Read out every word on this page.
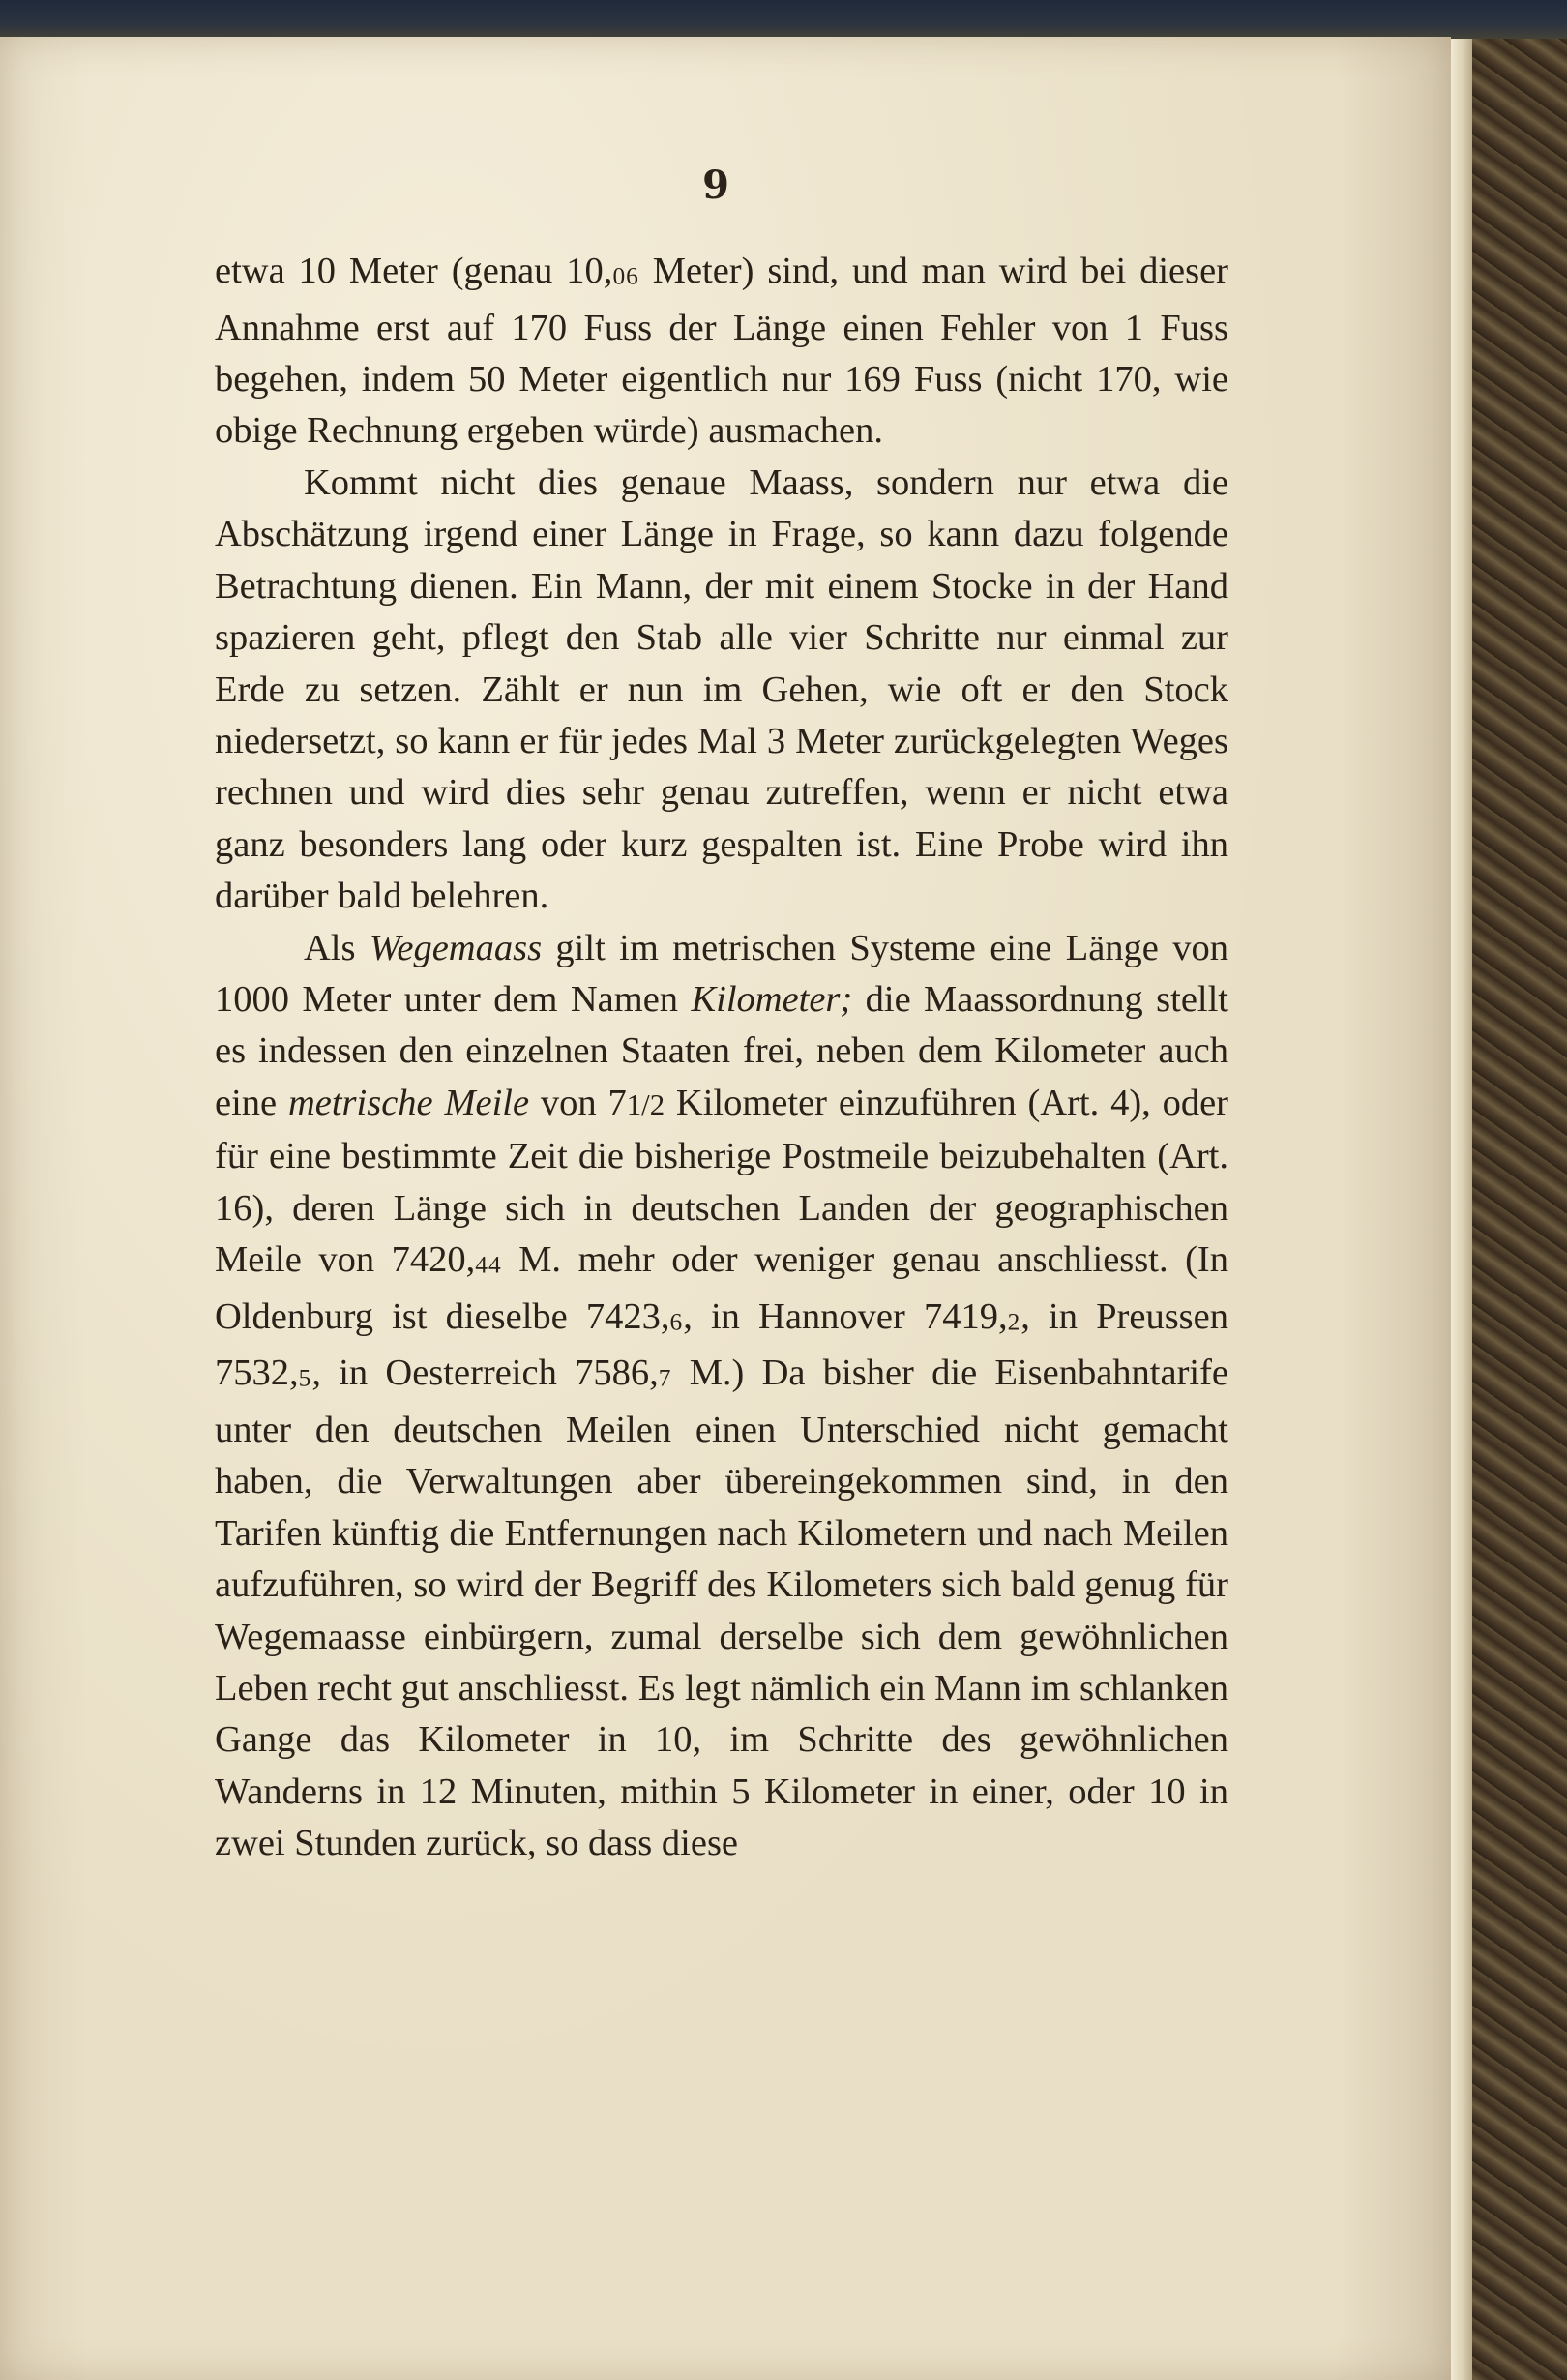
9

etwa 10 Meter (genau 10,06 Meter) sind, und man wird bei dieser Annahme erst auf 170 Fuss der Länge einen Fehler von 1 Fuss begehen, indem 50 Meter eigentlich nur 169 Fuss (nicht 170, wie obige Rechnung ergeben würde) ausmachen.

Kommt nicht dies genaue Maass, sondern nur etwa die Abschätzung irgend einer Länge in Frage, so kann dazu folgende Betrachtung dienen. Ein Mann, der mit einem Stocke in der Hand spazieren geht, pflegt den Stab alle vier Schritte nur einmal zur Erde zu setzen. Zählt er nun im Gehen, wie oft er den Stock niedersetzt, so kann er für jedes Mal 3 Meter zurückgelegten Weges rechnen und wird dies sehr genau zutreffen, wenn er nicht etwa ganz besonders lang oder kurz gespalten ist. Eine Probe wird ihn darüber bald belehren.

Als Wegemaass gilt im metrischen Systeme eine Länge von 1000 Meter unter dem Namen Kilometer; die Maassordnung stellt es indessen den einzelnen Staaten frei, neben dem Kilometer auch eine metrische Meile von 71/2 Kilometer einzuführen (Art. 4), oder für eine bestimmte Zeit die bisherige Postmeile beizubehalten (Art. 16), deren Länge sich in deutschen Landen der geographischen Meile von 7420,44 M. mehr oder weniger genau anschliesst. (In Oldenburg ist dieselbe 7423,6, in Hannover 7419,2, in Preussen 7532,5, in Oesterreich 7586,7 M.) Da bisher die Eisenbahntarife unter den deutschen Meilen einen Unterschied nicht gemacht haben, die Verwaltungen aber übereingekommen sind, in den Tarifen künftig die Entfernungen nach Kilometern und nach Meilen aufzuführen, so wird der Begriff des Kilometers sich bald genug für Wegemaasse einbürgern, zumal derselbe sich dem gewöhnlichen Leben recht gut anschliesst. Es legt nämlich ein Mann im schlanken Gange das Kilometer in 10, im Schritte des gewöhnlichen Wanderns in 12 Minuten, mithin 5 Kilometer in einer, oder 10 in zwei Stunden zurück, so dass diese
